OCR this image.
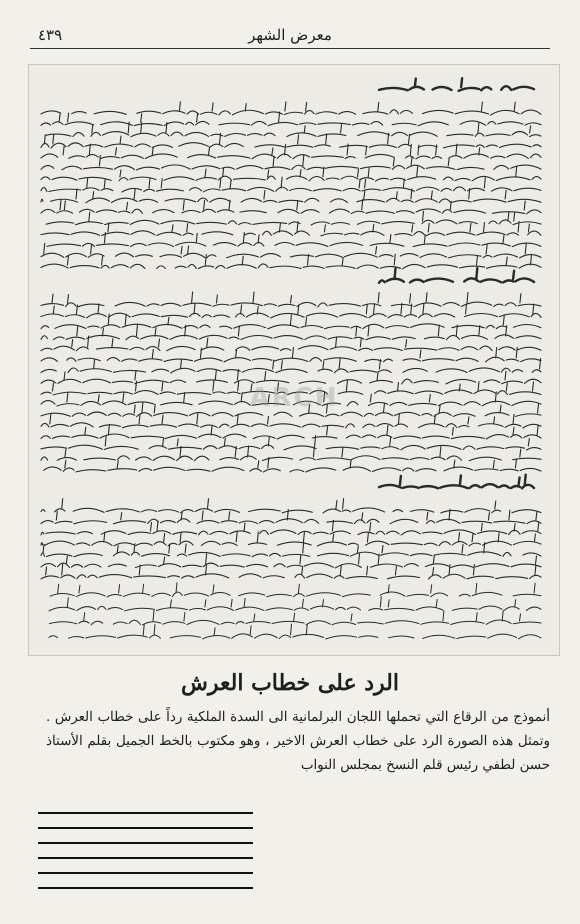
٤٣٩	معرض الشهر
ARCH
الرد على خطاب العرش
أنموذج من الرقاع التي تحملها اللجان البرلمانية الى السدة الملكية رداً على خطاب العرش . وتمثل هذه الصورة الرد على خطاب العرش الاخير ، وهو مكتوب بالخط الجميل بقلم الأستاذ حسن لطفي رئيس قلم النسخ بمجلس النواب
